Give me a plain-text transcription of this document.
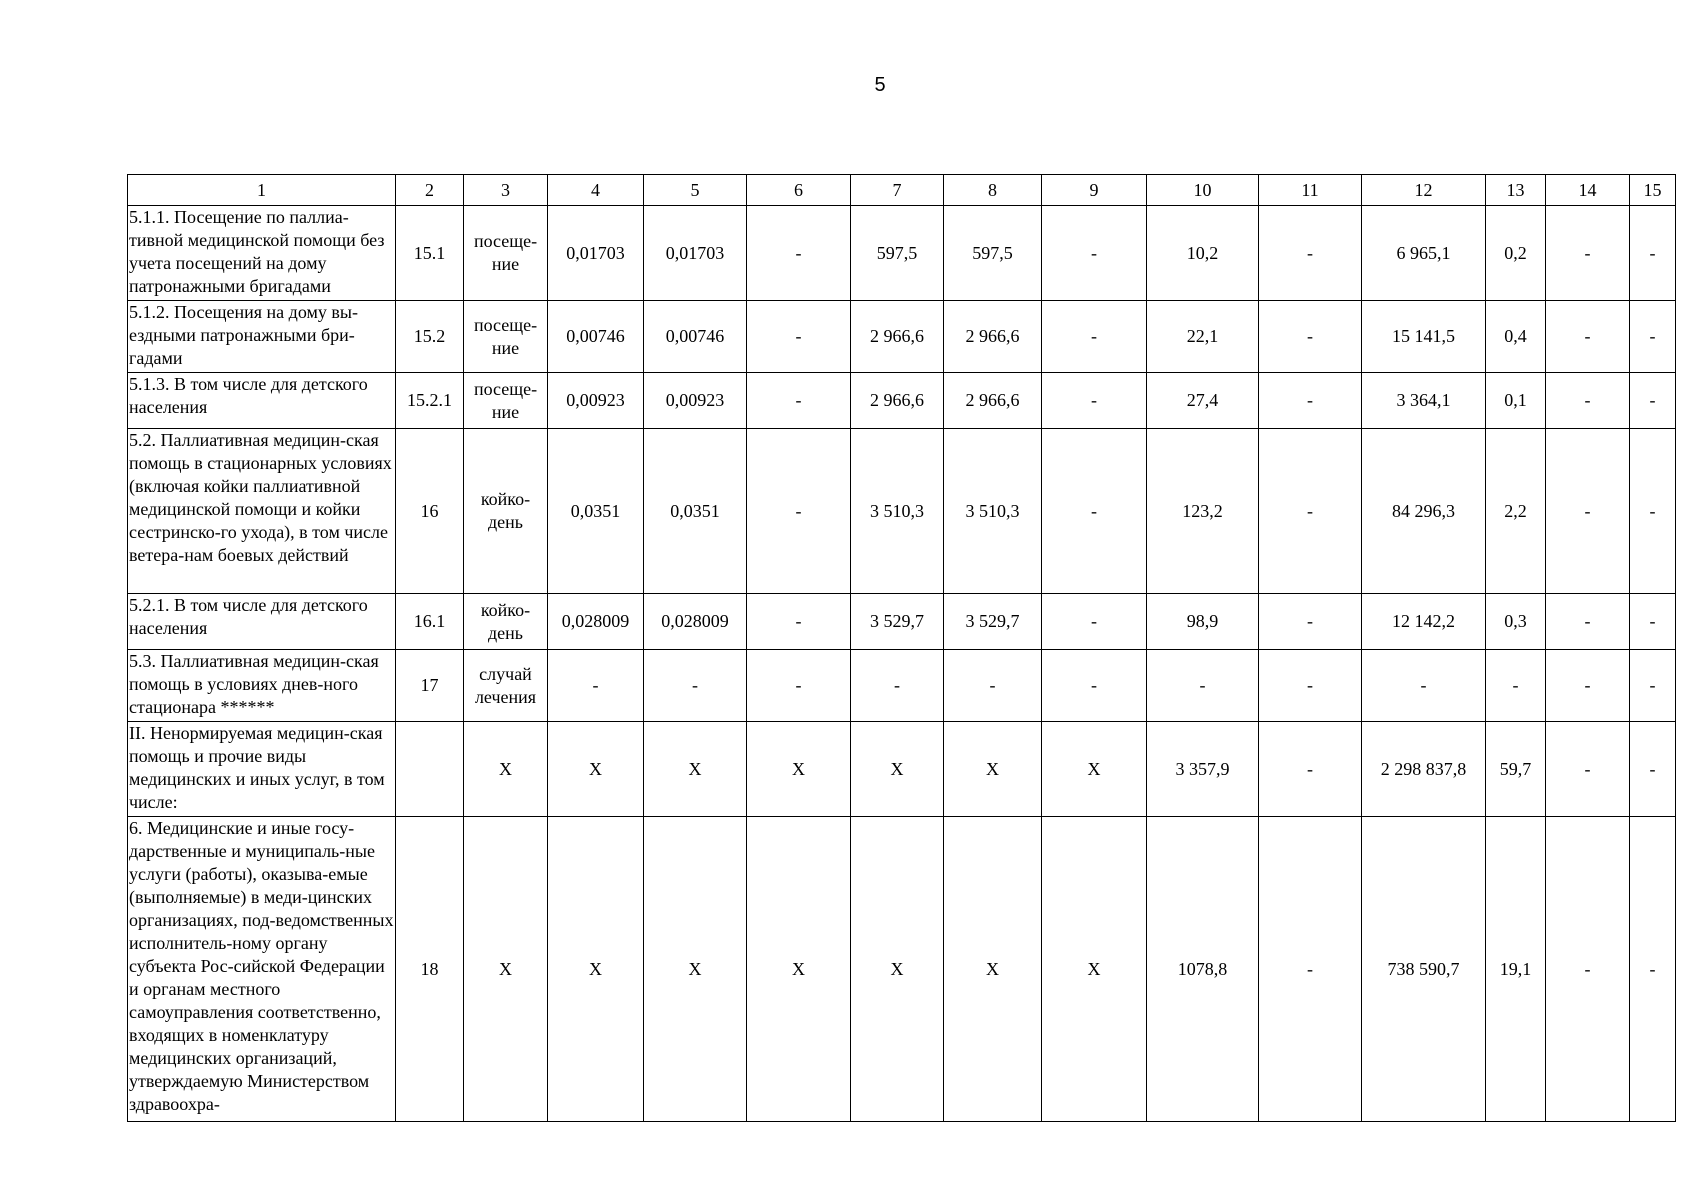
5
1	2	3	4	5	6	7	8	9	10	11	12	13	14	15
5.1.1. Посещение по паллиа-тивной медицинской помощи без учета посещений на дому патронажными бригадами	15.1	посеще-ние	0,01703	0,01703	-	597,5	597,5	-	10,2	-	6 965,1	0,2	-	-
5.1.2. Посещения на дому вы-ездными патронажными бри-гадами	15.2	посеще-ние	0,00746	0,00746	-	2 966,6	2 966,6	-	22,1	-	15 141,5	0,4	-	-
5.1.3. В том числе для детского населения	15.2.1	посеще-ние	0,00923	0,00923	-	2 966,6	2 966,6	-	27,4	-	3 364,1	0,1	-	-
5.2. Паллиативная медицин-ская помощь в стационарных условиях (включая койки паллиативной медицинской помощи и койки сестринско-го ухода), в том числе ветера-нам боевых действий	16	койко-день	0,0351	0,0351	-	3 510,3	3 510,3	-	123,2	-	84 296,3	2,2	-	-
5.2.1. В том числе для детского населения	16.1	койко-день	0,028009	0,028009	-	3 529,7	3 529,7	-	98,9	-	12 142,2	0,3	-	-
5.3. Паллиативная медицин-ская помощь в условиях днев-ного стационара ******	17	случай лечения	-	-	-	-	-	-	-	-	-	-	-	-
II. Ненормируемая медицин-ская помощь и прочие виды медицинских и иных услуг, в том числе:		Х	Х	Х	Х	Х	Х	Х	3 357,9	-	2 298 837,8	59,7	-	-
6. Медицинские и иные госу-дарственные и муниципаль-ные услуги (работы), оказыва-емые (выполняемые) в меди-цинских организациях, под-ведомственных исполнитель-ному органу субъекта Рос-сийской Федерации и органам местного самоуправления соответственно, входящих в номенклатуру медицинских организаций, утверждаемую Министерством здравоохра-	18	Х	Х	Х	Х	Х	Х	Х	1078,8	-	738 590,7	19,1	-	-
